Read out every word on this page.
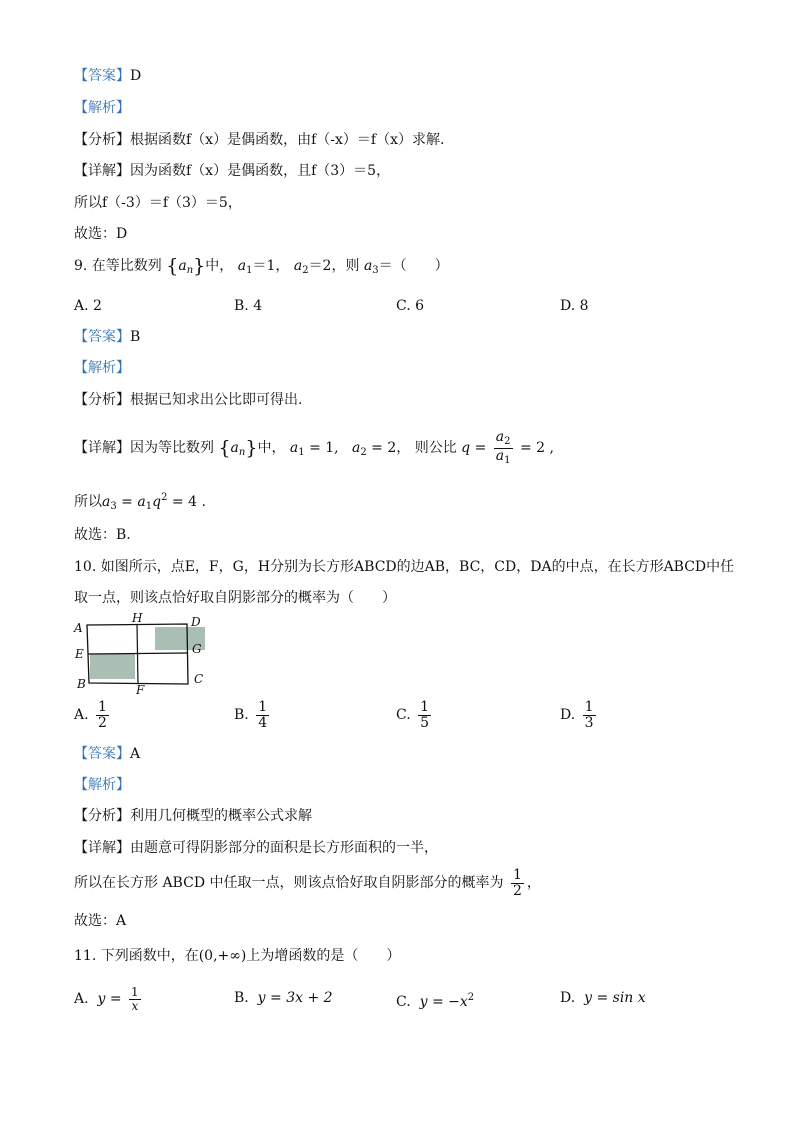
【答案】D
【解析】
【分析】根据函数f（x）是偶函数，由f（-x）＝f（x）求解.
【详解】因为函数f（x）是偶函数，且f（3）＝5，
所以f（-3）＝f（3）＝5，
故选：D
9. 在等比数列 $\{a_n\}$中， $a_1=1$， $a_2=2$，则 $a_3=$（　　）
A. 2	B. 4	C. 6	D. 8
【答案】B
【解析】
【分析】根据已知求出公比即可得出.
【详解】因为等比数列 $\{a_n\}$中， $a_1 = 1$,   $a_2 = 2$， 则公比 $q = \frac{a_2}{a_1} = 2$ ,
所以$a_3 = a_1q^2 = 4$ .
故选：B.
10. 如图所示，点E，F，G，H分别为长方形ABCD的边AB，BC，CD，DA的中点，在长方形ABCD中任
取一点，则该点恰好取自阴影部分的概率为（　　）
A
H	D
E	G
B	F
C
A. $\frac{1}{2}$	B. $\frac{1}{4}$	C. $\frac{1}{5}$	D. $\frac{1}{3}$
【答案】A
【解析】
【分析】利用几何概型的概率公式求解
【详解】由题意可得阴影部分的面积是长方形面积的一半，
所以在长方形 ABCD 中任取一点，则该点恰好取自阴影部分的概率为 $\frac{1}{2}$ ，
故选：A
11. 下列函数中，在(0,+∞)上为增函数的是（　　）
A. $y = \frac{1}{x}$	B. y = 3x + 2	C. $y = -x^2$	D. y = sin x
